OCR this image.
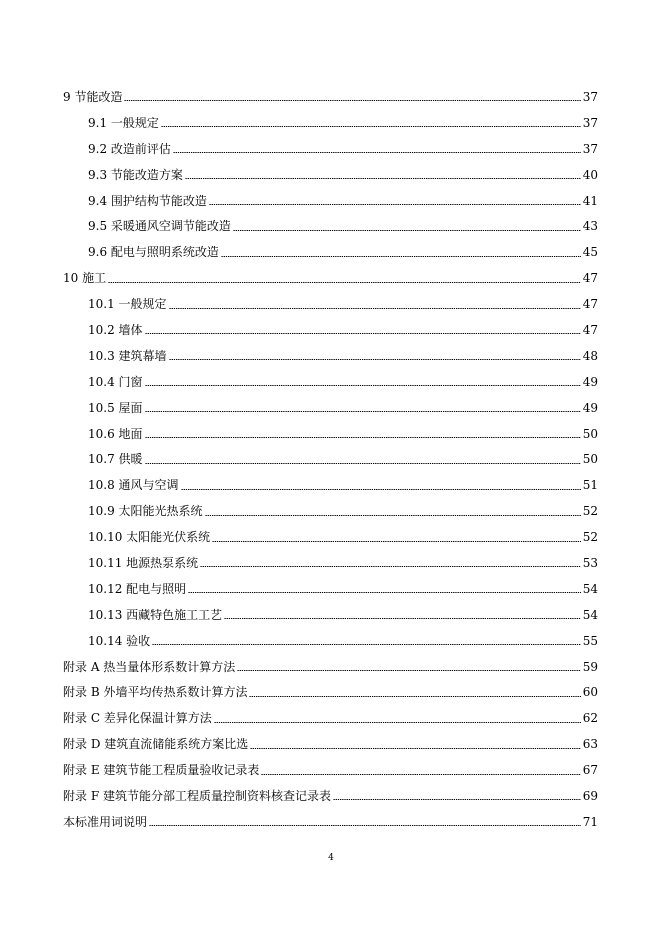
9 节能改造	37
9.1 一般规定	37
9.2 改造前评估	37
9.3 节能改造方案	40
9.4 围护结构节能改造	41
9.5 采暖通风空调节能改造	43
9.6 配电与照明系统改造	45
10 施工	47
10.1 一般规定	47
10.2 墙体	47
10.3 建筑幕墙	48
10.4 门窗	49
10.5 屋面	49
10.6 地面	50
10.7 供暖	50
10.8 通风与空调	51
10.9 太阳能光热系统	52
10.10 太阳能光伏系统	52
10.11 地源热泵系统	53
10.12 配电与照明	54
10.13 西藏特色施工工艺	54
10.14 验收	55
附录 A 热当量体形系数计算方法	59
附录 B 外墙平均传热系数计算方法	60
附录 C 差异化保温计算方法	62
附录 D 建筑直流储能系统方案比选	63
附录 E 建筑节能工程质量验收记录表	67
附录 F 建筑节能分部工程质量控制资料核查记录表	69
本标准用词说明	71
4
